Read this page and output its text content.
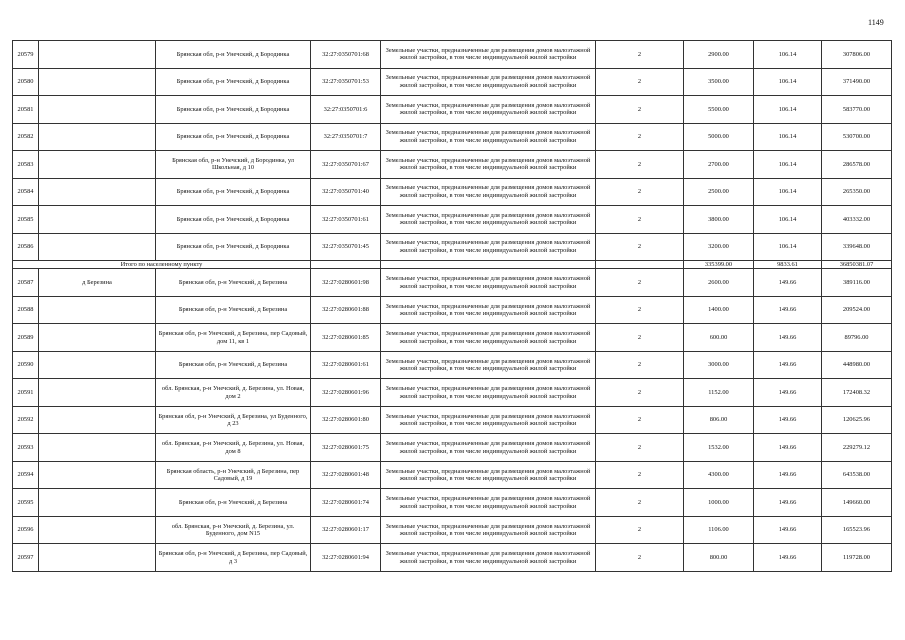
1149
20579		Брянская обл, р-н Унечский, д Бородинка	32:27:0350701:68	Земельные участки, предназначенные для размещения домов малоэтажной жилой застройки, в том числе индивидуальной жилой застройки	2	2900.00	106.14	307806.00
20580		Брянская обл, р-н Унечский, д Бородинка	32:27:0350701:53	Земельные участки, предназначенные для размещения домов малоэтажной жилой застройки, в том числе индивидуальной жилой застройки	2	3500.00	106.14	371490.00
20581		Брянская обл, р-н Унечский, д Бородинка	32:27:0350701:6	Земельные участки, предназначенные для размещения домов малоэтажной жилой застройки, в том числе индивидуальной жилой застройки	2	5500.00	106.14	583770.00
20582		Брянская обл, р-н Унечский, д Бородинка	32:27:0350701:7	Земельные участки, предназначенные для размещения домов малоэтажной жилой застройки, в том числе индивидуальной жилой застройки	2	5000.00	106.14	530700.00
20583		Брянская обл, р-н Унечский, д Бородинка, ул Школьная, д 10	32:27:0350701:67	Земельные участки, предназначенные для размещения домов малоэтажной жилой застройки, в том числе индивидуальной жилой застройки	2	2700.00	106.14	286578.00
20584		Брянская обл, р-н Унечский, д Бородинка	32:27:0350701:40	Земельные участки, предназначенные для размещения домов малоэтажной жилой застройки, в том числе индивидуальной жилой застройки	2	2500.00	106.14	265350.00
20585		Брянская обл, р-н Унечский, д Бородинка	32:27:0350701:61	Земельные участки, предназначенные для размещения домов малоэтажной жилой застройки, в том числе индивидуальной жилой застройки	2	3800.00	106.14	403332.00
20586		Брянская обл, р-н Унечский, д Бородинка	32:27:0350701:45	Земельные участки, предназначенные для размещения домов малоэтажной жилой застройки, в том числе индивидуальной жилой застройки	2	3200.00	106.14	339648.00
Итого по населенному пункту						335399.00	9833.61	36850381.07
20587	д Березина	Брянская обл, р-н Унечский, д Березина	32:27:0280601:98	Земельные участки, предназначенные для размещения домов малоэтажной жилой застройки, в том числе индивидуальной жилой застройки	2	2600.00	149.66	389116.00
20588		Брянская обл, р-н Унечский, д Березина	32:27:0280601:88	Земельные участки, предназначенные для размещения домов малоэтажной жилой застройки, в том числе индивидуальной жилой застройки	2	1400.00	149.66	209524.00
20589		Брянская обл, р-н Унечский, д Березина, пер Садовый, дом 11, кв 1	32:27:0280601:85	Земельные участки, предназначенные для размещения домов малоэтажной жилой застройки, в том числе индивидуальной жилой застройки	2	600.00	149.66	89796.00
20590		Брянская обл, р-н Унечский, д Березина	32:27:0280601:61	Земельные участки, предназначенные для размещения домов малоэтажной жилой застройки, в том числе индивидуальной жилой застройки	2	3000.00	149.66	448980.00
20591		обл. Брянская, р-н Унечский, д. Березина, ул. Новая, дом 2	32:27:0280601:96	Земельные участки, предназначенные для размещения домов малоэтажной жилой застройки, в том числе индивидуальной жилой застройки	2	1152.00	149.66	172408.32
20592		Брянская обл, р-н Унечский, д Березина, ул Буденного, д 23	32:27:0280601:80	Земельные участки, предназначенные для размещения домов малоэтажной жилой застройки, в том числе индивидуальной жилой застройки	2	806.00	149.66	120625.96
20593		обл. Брянская, р-н Унечский, д. Березина, ул. Новая, дом 8	32:27:0280601:75	Земельные участки, предназначенные для размещения домов малоэтажной жилой застройки, в том числе индивидуальной жилой застройки	2	1532.00	149.66	229279.12
20594		Брянская область, р-н Унечский, д Березина, пер Садовый, д 19	32:27:0280601:48	Земельные участки, предназначенные для размещения домов малоэтажной жилой застройки, в том числе индивидуальной жилой застройки	2	4300.00	149.66	643538.00
20595		Брянская обл, р-н Унечский, д Березина	32:27:0280601:74	Земельные участки, предназначенные для размещения домов малоэтажной жилой застройки, в том числе индивидуальной жилой застройки	2	1000.00	149.66	149660.00
20596		обл. Брянская, р-н Унечский, д. Березина, ул. Буденного, дом N15	32:27:0280601:17	Земельные участки, предназначенные для размещения домов малоэтажной жилой застройки, в том числе индивидуальной жилой застройки	2	1106.00	149.66	165523.96
20597		Брянская обл, р-н Унечский, д Березина, пер Садовый, д 3	32:27:0280601:94	Земельные участки, предназначенные для размещения домов малоэтажной жилой застройки, в том числе индивидуальной жилой застройки	2	800.00	149.66	119728.00
